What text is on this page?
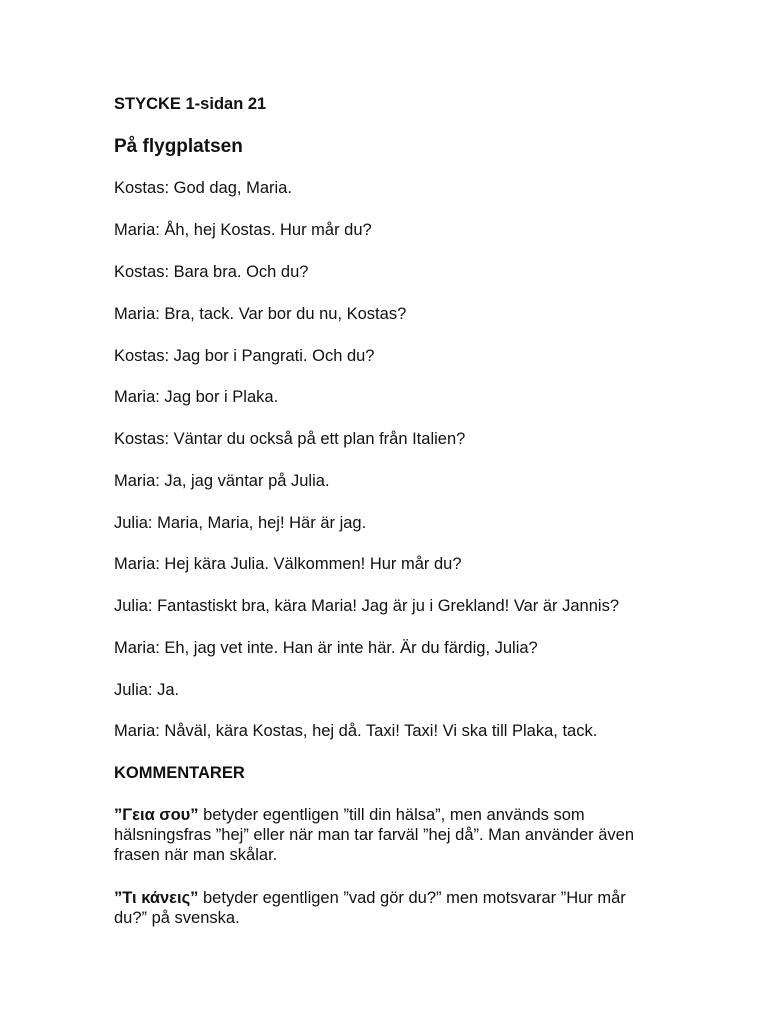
STYCKE 1-sidan 21

På flygplatsen

Kostas: God dag, Maria.

Maria: Åh, hej Kostas. Hur mår du?

Kostas: Bara bra. Och du?

Maria: Bra, tack. Var bor du nu, Kostas?

Kostas: Jag bor i Pangrati. Och du?

Maria: Jag bor i Plaka.

Kostas: Väntar du också på ett plan från Italien?

Maria: Ja, jag väntar på Julia.

Julia: Maria, Maria, hej! Här är jag.

Maria: Hej kära Julia. Välkommen! Hur mår du?

Julia: Fantastiskt bra, kära Maria! Jag är ju i Grekland! Var är Jannis?

Maria: Eh, jag vet inte. Han är inte här. Är du färdig, Julia?

Julia: Ja.

Maria: Nåväl, kära Kostas, hej då. Taxi! Taxi! Vi ska till Plaka, tack.

KOMMENTARER

”Γεια σου” betyder egentligen ”till din hälsa”, men används som hälsningsfras ”hej” eller när man tar farväl ”hej då”. Man använder även frasen när man skålar.

”Τι κάνεις” betyder egentligen ”vad gör du?” men motsvarar ”Hur mår du?” på svenska.
